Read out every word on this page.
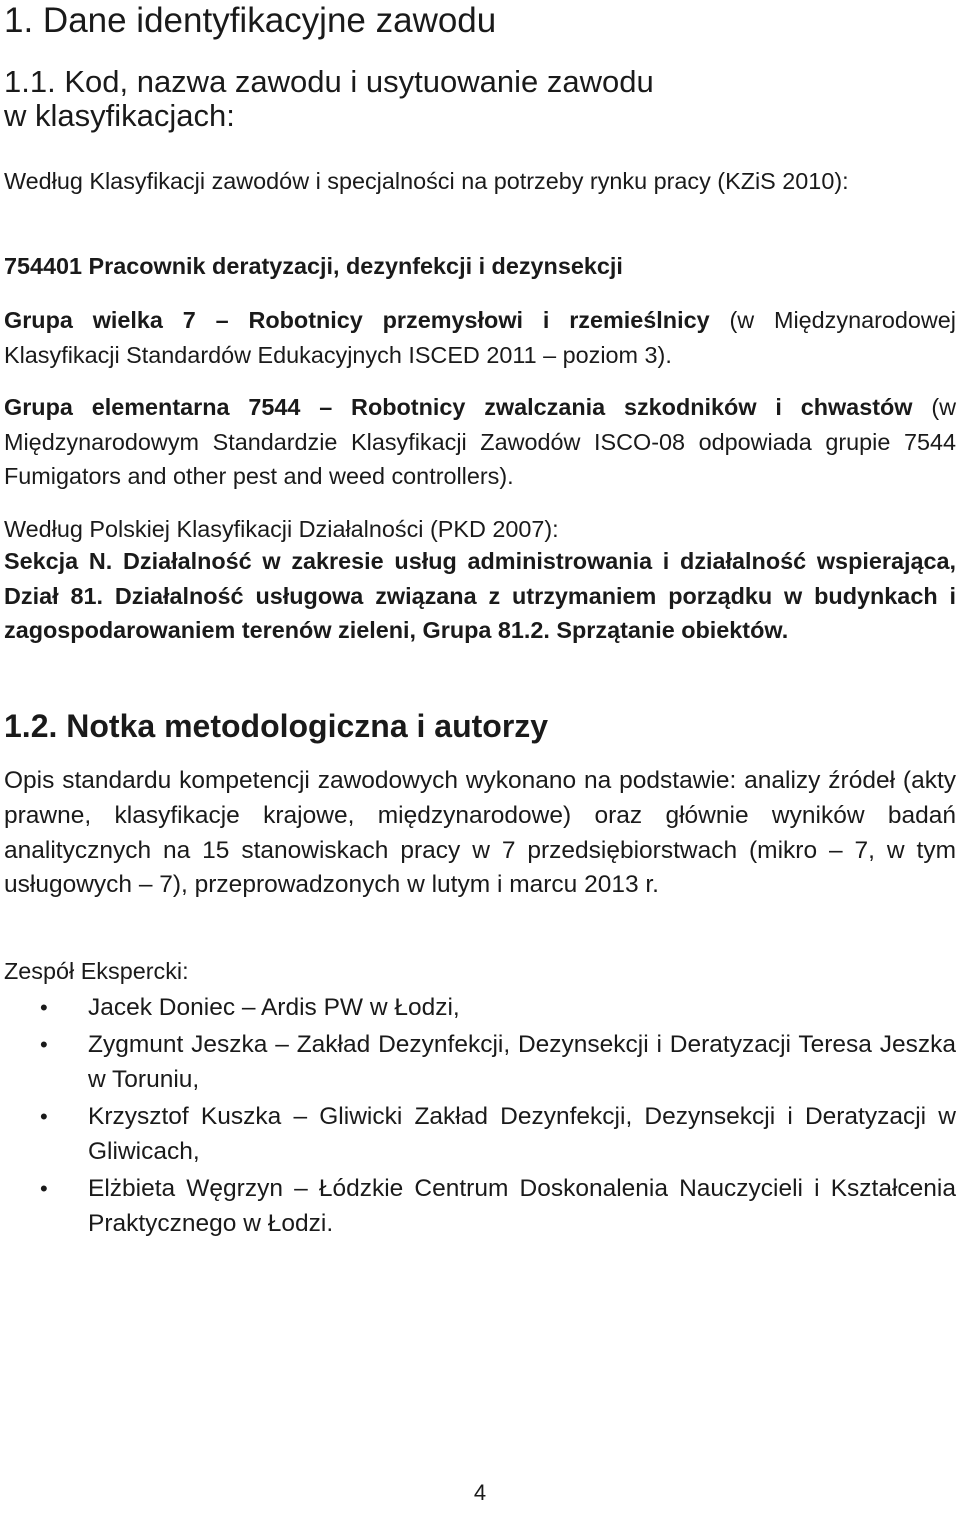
1. Dane identyfikacyjne zawodu
1.1. Kod, nazwa zawodu i usytuowanie zawodu
w klasyfikacjach:
Według Klasyfikacji zawodów i specjalności na potrzeby rynku pracy (KZiS 2010):
754401 Pracownik deratyzacji, dezynfekcji i dezynsekcji
Grupa wielka 7 – Robotnicy przemysłowi i rzemieślnicy (w Międzynarodowej Klasyfikacji Standardów Edukacyjnych ISCED 2011 – poziom 3).
Grupa elementarna 7544 – Robotnicy zwalczania szkodników i chwastów (w Międzynarodowym Standardzie Klasyfikacji Zawodów ISCO-08 odpowiada grupie 7544 Fumigators and other pest and weed controllers).
Według Polskiej Klasyfikacji Działalności (PKD 2007):
Sekcja N. Działalność w zakresie usług administrowania i działalność wspierająca, Dział 81. Działalność usługowa związana z utrzymaniem porządku w budynkach i zagospodarowaniem terenów zieleni, Grupa 81.2. Sprzątanie obiektów.
1.2. Notka metodologiczna i autorzy
Opis standardu kompetencji zawodowych wykonano na podstawie: analizy źródeł (akty prawne, klasyfikacje krajowe, międzynarodowe) oraz głównie wyników badań analitycznych na 15 stanowiskach pracy w 7 przedsiębiorstwach (mikro – 7, w tym usługowych – 7), przeprowadzonych w lutym i marcu 2013 r.
Zespół Ekspercki:
• Jacek Doniec – Ardis PW w Łodzi,
• Zygmunt Jeszka – Zakład Dezynfekcji, Dezynsekcji i Deratyzacji Teresa Jeszka w Toruniu,
• Krzysztof Kuszka – Gliwicki Zakład Dezynfekcji, Dezynsekcji i Deratyzacji w Gliwicach,
• Elżbieta Węgrzyn – Łódzkie Centrum Doskonalenia Nauczycieli i Kształcenia Praktycznego w Łodzi.
4
